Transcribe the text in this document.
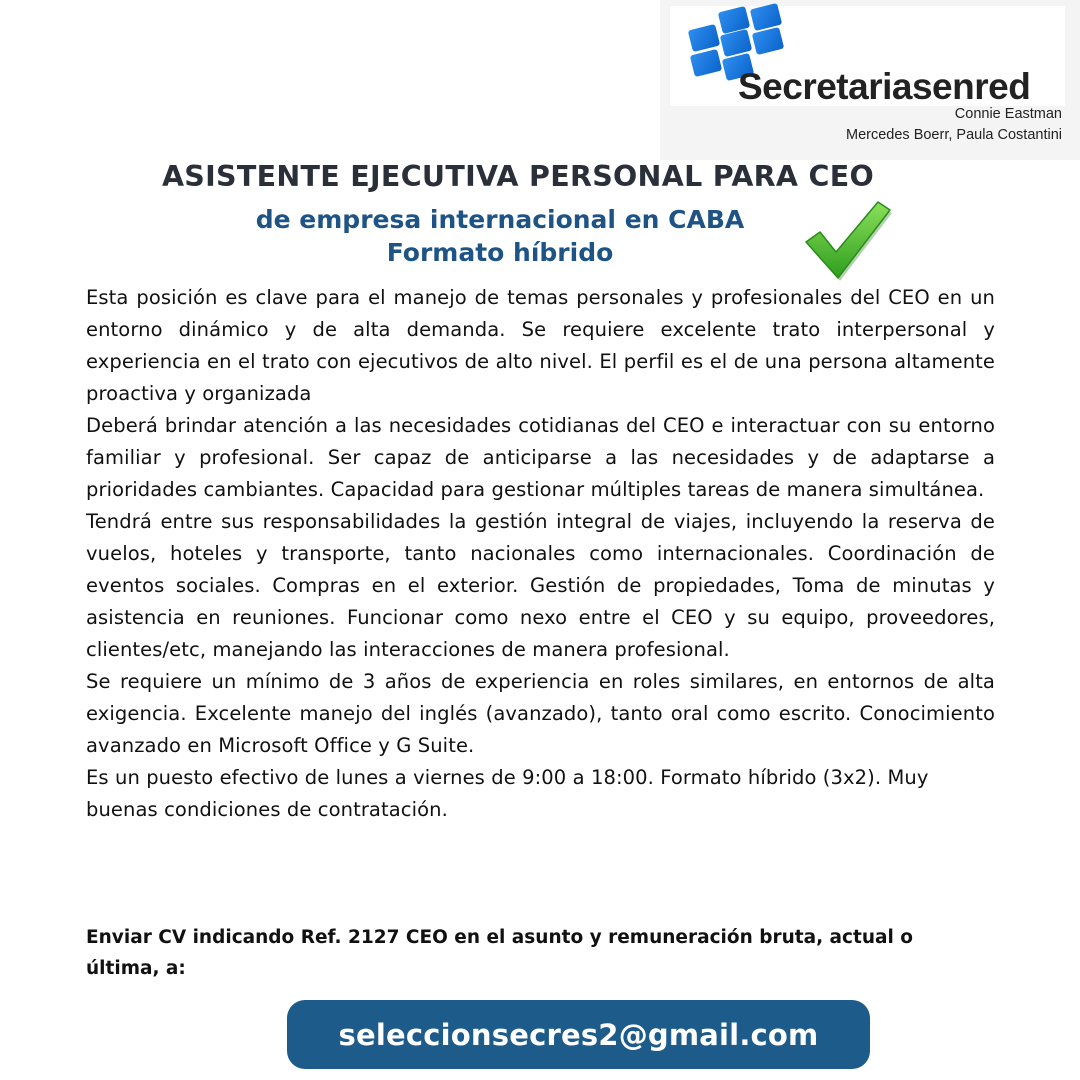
Secretariasenred
Connie Eastman
Mercedes Boerr, Paula Costantini
ASISTENTE EJECUTIVA PERSONAL PARA CEO
de empresa internacional en CABA
Formato híbrido

Esta posición es clave para el manejo de temas personales y profesionales del CEO en un entorno dinámico y de alta demanda. Se requiere excelente trato interpersonal y experiencia en el trato con ejecutivos de alto nivel. El perfil es el de una persona altamente proactiva y organizada

Deberá brindar atención a las necesidades cotidianas del CEO e interactuar con su entorno familiar y profesional. Ser capaz de anticiparse a las necesidades y de adaptarse a prioridades cambiantes. Capacidad para gestionar múltiples tareas de manera simultánea.

Tendrá entre sus responsabilidades la gestión integral de viajes, incluyendo la reserva de vuelos, hoteles y transporte, tanto nacionales como internacionales. Coordinación de eventos sociales. Compras en el exterior. Gestión de propiedades, Toma de minutas y asistencia en reuniones. Funcionar como nexo entre el CEO y su equipo, proveedores, clientes/etc, manejando las interacciones de manera profesional.

Se requiere un mínimo de 3 años de experiencia en roles similares, en entornos de alta exigencia. Excelente manejo del inglés (avanzado), tanto oral como escrito. Conocimiento avanzado en Microsoft Office y G Suite.

Es un puesto efectivo de lunes a viernes de 9:00 a 18:00. Formato híbrido (3x2). Muy buenas condiciones de contratación.

Enviar CV indicando Ref. 2127 CEO en el asunto y remuneración bruta, actual o última, a:
seleccionsecres2@gmail.com
